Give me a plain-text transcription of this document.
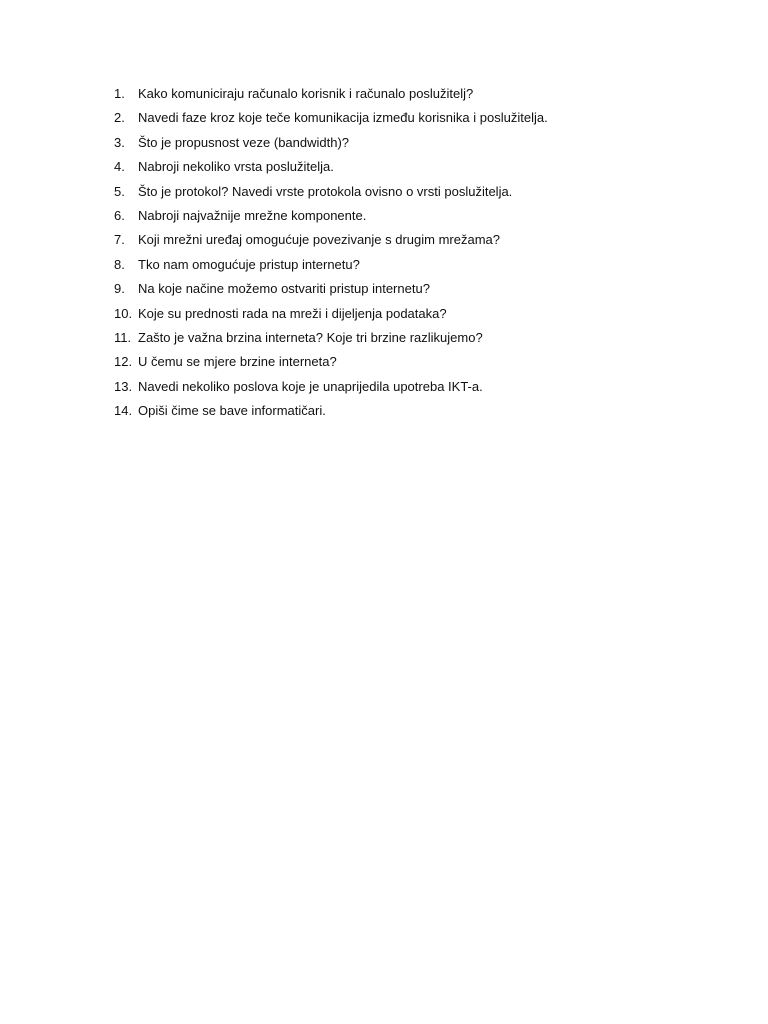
1.	Kako komuniciraju računalo korisnik i računalo poslužitelj?
2.	Navedi faze kroz koje teče komunikacija između korisnika i poslužitelja.
3.	Što je propusnost veze (bandwidth)?
4.	Nabroji nekoliko vrsta poslužitelja.
5.	Što je protokol? Navedi vrste protokola ovisno o vrsti poslužitelja.
6.	Nabroji najvažnije mrežne komponente.
7.	Koji mrežni uređaj omogućuje povezivanje s drugim mrežama?
8.	Tko nam omogućuje pristup internetu?
9.	Na koje načine možemo ostvariti pristup internetu?
10. Koje su prednosti rada na mreži i dijeljenja podataka?
11. Zašto je važna brzina interneta? Koje tri brzine razlikujemo?
12. U čemu se mjere brzine interneta?
13. Navedi nekoliko poslova koje je unaprijedila upotreba IKT-a.
14. Opiši čime se bave informatičari.
